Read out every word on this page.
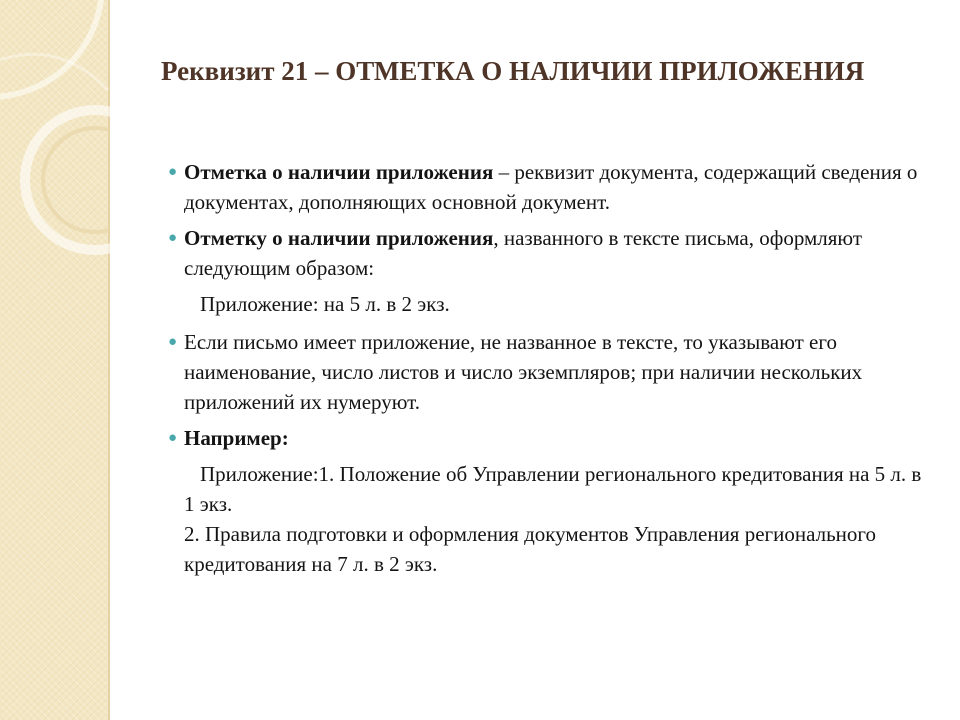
Реквизит 21 – ОТМЕТКА О НАЛИЧИИ ПРИЛОЖЕНИЯ
● Отметка о наличии приложения – реквизит документа, содержащий сведения о документах, дополняющих основной документ.
● Отметку о наличии приложения, названного в тексте письма, оформляют следующим образом:
Приложение: на 5 л. в 2 экз.
● Если письмо имеет приложение, не названное в тексте, то указывают его наименование, число листов и число экземпляров; при наличии нескольких приложений их нумеруют.
● Например:
Приложение:1. Положение об Управлении регионального кредитования на 5 л. в 1 экз.
2. Правила подготовки и оформления документов Управления регионального кредитования на 7 л. в 2 экз.
